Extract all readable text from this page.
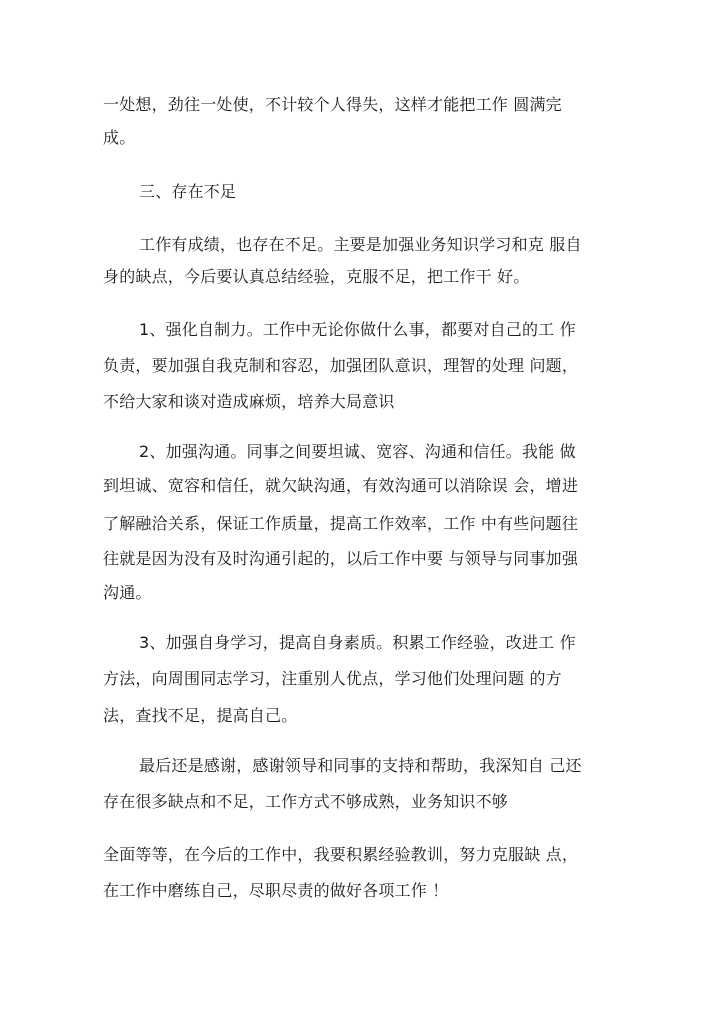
一处想，劲往一处使，不计较个人得失，这样才能把工作 圆满完
成。
三、存在不足
工作有成绩，也存在不足。主要是加强业务知识学习和克 服自
身的缺点，今后要认真总结经验，克服不足，把工作干 好。
1、强化自制力。工作中无论你做什么事，都要对自己的工 作
负责，要加强自我克制和容忍，加强团队意识，理智的处理 问题，
不给大家和谈对造成麻烦，培养大局意识
2、加强沟通。同事之间要坦诚、宽容、沟通和信任。我能 做
到坦诚、宽容和信任，就欠缺沟通，有效沟通可以消除误 会，增进
了解融洽关系，保证工作质量，提高工作效率，工作 中有些问题往
往就是因为没有及时沟通引起的，以后工作中要 与领导与同事加强
沟通。
3、加强自身学习，提高自身素质。积累工作经验，改进工 作
方法，向周围同志学习，注重别人优点，学习他们处理问题 的方
法，查找不足，提高自己。
最后还是感谢，感谢领导和同事的支持和帮助，我深知自 己还
存在很多缺点和不足，工作方式不够成熟，业务知识不够
全面等等，在今后的工作中，我要积累经验教训，努力克服缺 点，
在工作中磨练自己，尽职尽责的做好各项工作 ！
